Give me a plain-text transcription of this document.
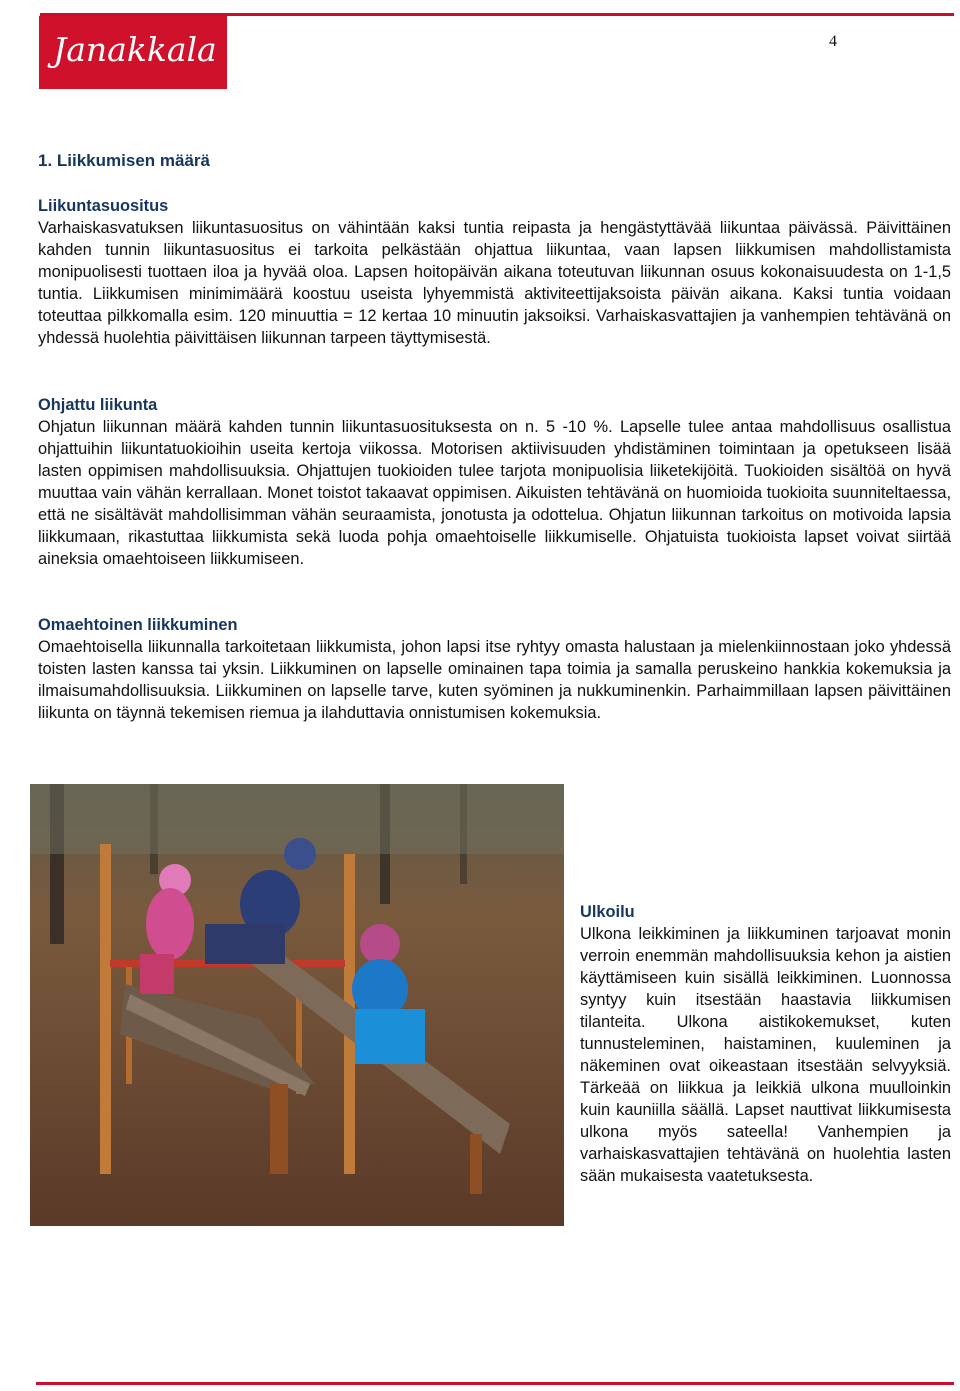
Janakkala	4
1. Liikkumisen määrä
Liikuntasuositus

Varhaiskasvatuksen liikuntasuositus on vähintään kaksi tuntia reipasta ja hengästyttävää liikuntaa päivässä. Päivittäinen kahden tunnin liikuntasuositus ei tarkoita pelkästään ohjattua liikuntaa, vaan lapsen liikkumisen mahdollistamista monipuolisesti tuottaen iloa ja hyvää oloa. Lapsen hoitopäivän aikana toteutuvan liikunnan osuus kokonaisuudesta on 1-1,5 tuntia. Liikkumisen minimimäärä koostuu useista lyhyemmistä aktiviteettijaksoista päivän aikana. Kaksi tuntia voidaan toteuttaa pilkkomalla esim. 120 minuuttia = 12 kertaa 10 minuutin jaksoiksi. Varhaiskasvattajien ja vanhempien tehtävänä on yhdessä huolehtia päivittäisen liikunnan tarpeen täyttymisestä.

Ohjattu liikunta

Ohjatun liikunnan määrä kahden tunnin liikuntasuosituksesta on n. 5 -10 %. Lapselle tulee antaa mahdollisuus osallistua ohjattuihin liikuntatuokioihin useita kertoja viikossa. Motorisen aktiivisuuden yhdistäminen toimintaan ja opetukseen lisää lasten oppimisen mahdollisuuksia. Ohjattujen tuokioiden tulee tarjota monipuolisia liiketekijöitä. Tuokioiden sisältöä on hyvä muuttaa vain vähän kerrallaan. Monet toistot takaavat oppimisen. Aikuisten tehtävänä on huomioida tuokioita suunniteltaessa, että ne sisältävät mahdollisimman vähän seuraamista, jonotusta ja odottelua. Ohjatun liikunnan tarkoitus on motivoida lapsia liikkumaan, rikastuttaa liikkumista sekä luoda pohja omaehtoiselle liikkumiselle. Ohjatuista tuokioista lapset voivat siirtää aineksia omaehtoiseen liikkumiseen.

Omaehtoinen liikkuminen

Omaehtoisella liikunnalla tarkoitetaan liikkumista, johon lapsi itse ryhtyy omasta halustaan ja mielenkiinnostaan joko yhdessä toisten lasten kanssa tai yksin. Liikkuminen on lapselle ominainen tapa toimia ja samalla peruskeino hankkia kokemuksia ja ilmaisumahdollisuuksia. Liikkuminen on lapselle tarve, kuten syöminen ja nukkuminenkin. Parhaimmillaan lapsen päivittäinen liikunta on täynnä tekemisen riemua ja ilahduttavia onnistumisen kokemuksia.

Ulkoilu

Ulkona leikkiminen ja liikkuminen tarjoavat monin verroin enemmän mahdollisuuksia kehon ja aistien käyttämiseen kuin sisällä leikkiminen. Luonnossa syntyy kuin itsestään haastavia liikkumisen tilanteita. Ulkona aistikokemukset, kuten tunnusteleminen, haistaminen, kuuleminen ja näkeminen ovat oikeastaan itsestään selvyyksiä. Tärkeää on liikkua ja leikkiä ulkona muulloinkin kuin kauniilla säällä. Lapset nauttivat liikkumisesta ulkona myös sateella! Vanhempien ja varhaiskasvattajien tehtävänä on huolehtia lasten sään mukaisesta vaatetuksesta.
